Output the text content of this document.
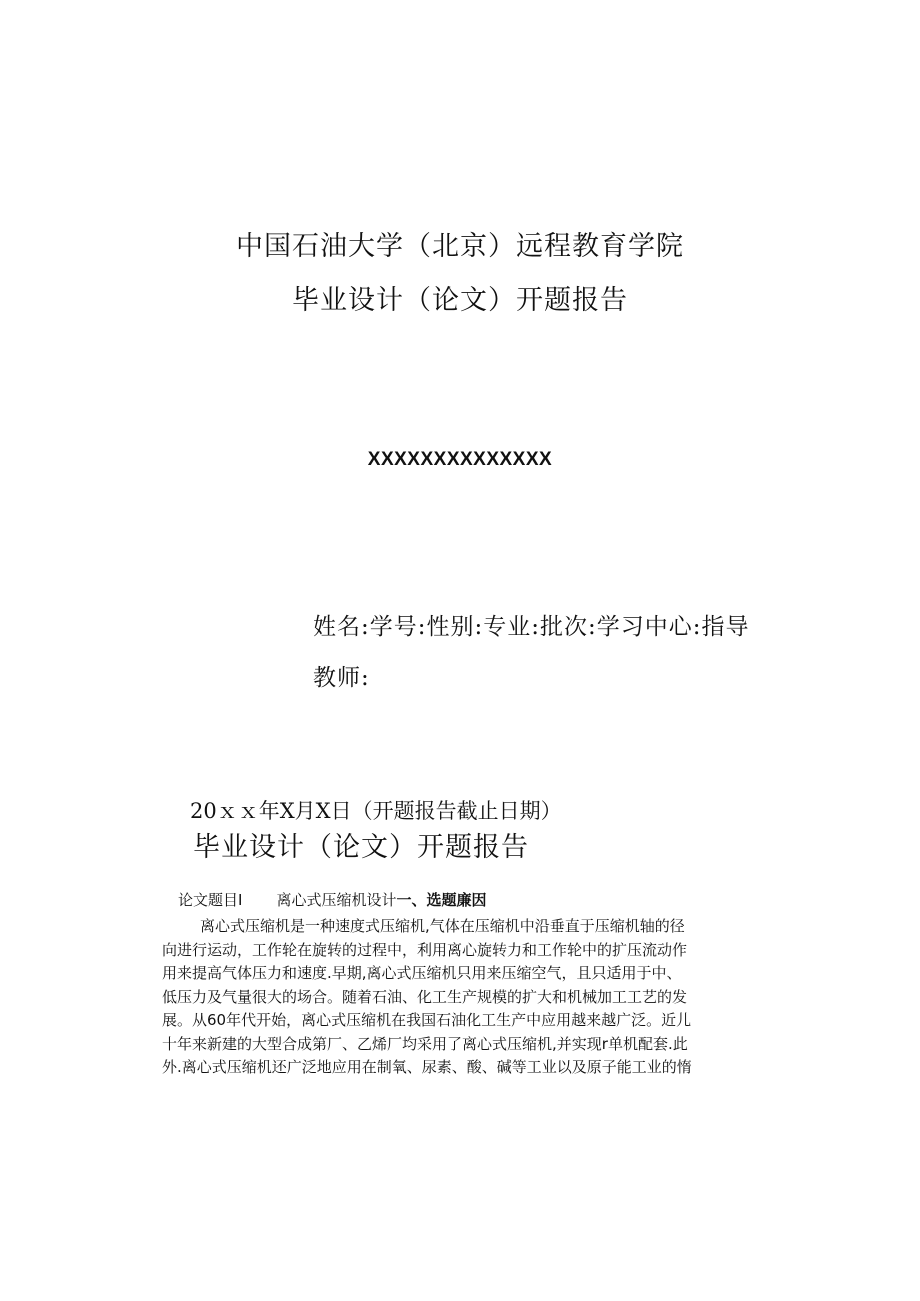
中国石油大学（北京）远程教育学院
毕业设计（论文）开题报告
XXXXXXXXXXXXXX
姓名:学号:性别:专业:批次:学习中心:指导
教师:
20ｘｘ年X月X日（开题报告截止日期）
毕业设计（论文）开题报告
论文题目I 离心式压缩机设计一、选题廉因
离心式压缩机是一种速度式压缩机,气体在压缩机中沿垂直于压缩机轴的径
向进行运动，工作轮在旋转的过程中，利用离心旋转力和工作轮中的扩压流动作
用来提高气体压力和速度.早期,离心式压缩机只用来压缩空气，且只适用于中、
低压力及气量很大的场合。随着石油、化工生产规模的扩大和机械加工工艺的发
展。从60年代开始，离心式压缩机在我国石油化工生产中应用越来越广泛。近儿
十年来新建的大型合成第厂、乙烯厂均采用了离心式压缩机,并实现r单机配套.此
外.离心式压缩机还广泛地应用在制氧、尿素、酸、碱等工业以及原子能工业的惰
